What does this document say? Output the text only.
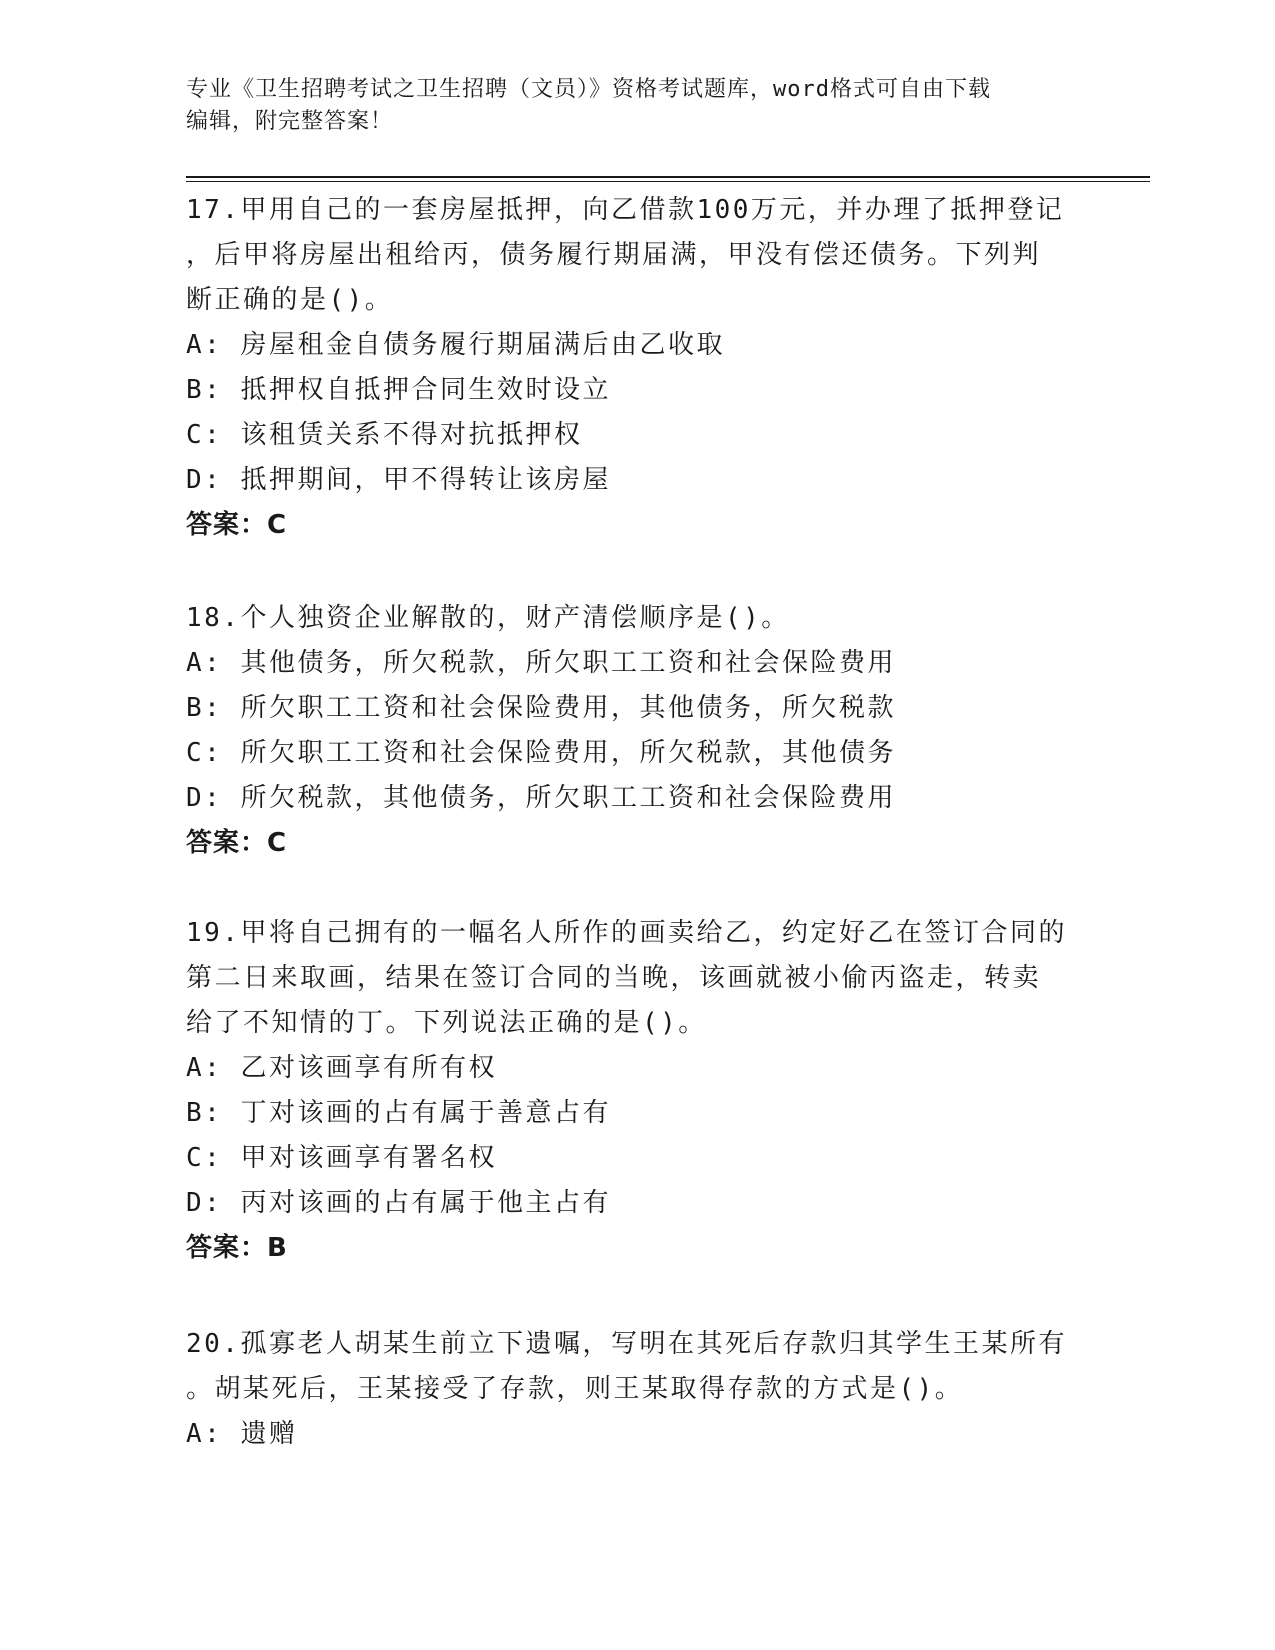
专业《卫生招聘考试之卫生招聘（文员）》资格考试题库，word格式可自由下载
编辑，附完整答案！

17.甲用自己的一套房屋抵押，向乙借款100万元，并办理了抵押登记

，后甲将房屋出租给丙，债务履行期届满，甲没有偿还债务。下列判

断正确的是()。

A: 房屋租金自债务履行期届满后由乙收取

B: 抵押权自抵押合同生效时设立

C: 该租赁关系不得对抗抵押权

D: 抵押期间，甲不得转让该房屋

答案：C

18.个人独资企业解散的，财产清偿顺序是()。

A: 其他债务，所欠税款，所欠职工工资和社会保险费用

B: 所欠职工工资和社会保险费用，其他债务，所欠税款

C: 所欠职工工资和社会保险费用，所欠税款，其他债务

D: 所欠税款，其他债务，所欠职工工资和社会保险费用

答案：C

19.甲将自己拥有的一幅名人所作的画卖给乙，约定好乙在签订合同的

第二日来取画，结果在签订合同的当晚，该画就被小偷丙盗走，转卖

给了不知情的丁。下列说法正确的是()。

A: 乙对该画享有所有权

B: 丁对该画的占有属于善意占有

C: 甲对该画享有署名权

D: 丙对该画的占有属于他主占有

答案：B

20.孤寡老人胡某生前立下遗嘱，写明在其死后存款归其学生王某所有

。胡某死后，王某接受了存款，则王某取得存款的方式是()。

A: 遗赠
